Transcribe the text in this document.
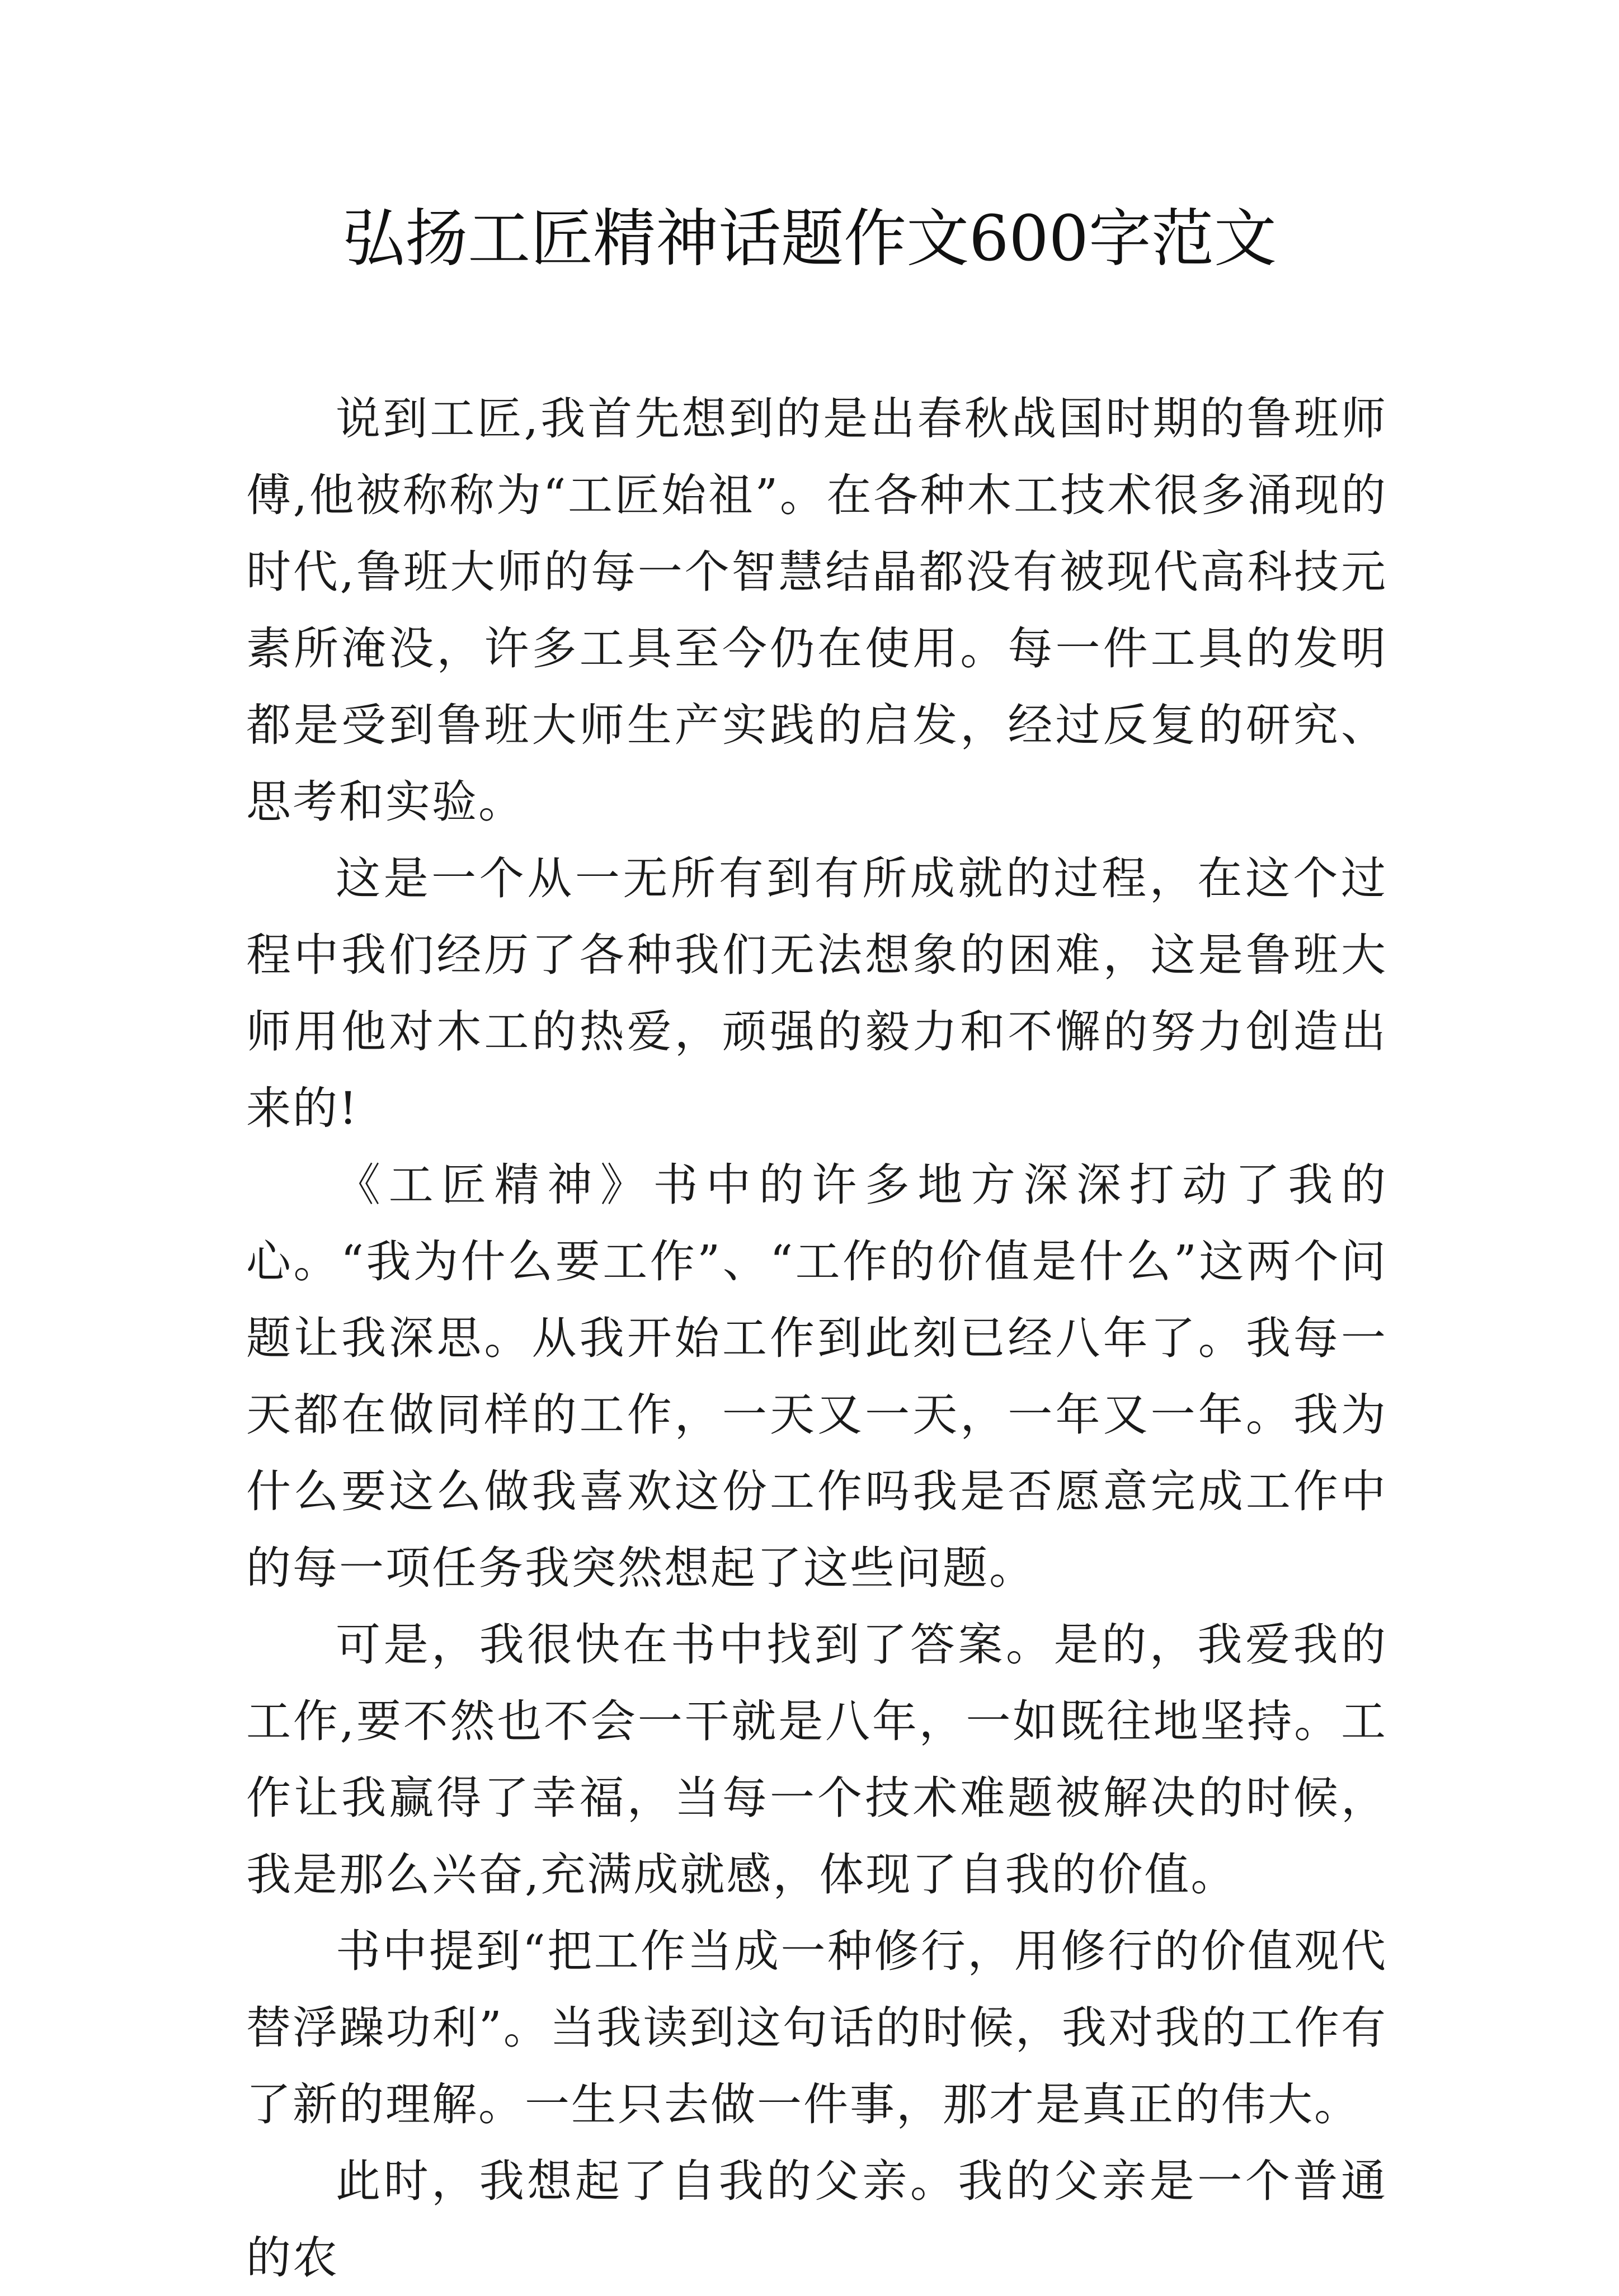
弘扬工匠精神话题作文600字范文

说到工匠,我首先想到的是出春秋战国时期的鲁班师傅,他被称称为“工匠始祖”。在各种木工技术很多涌现的时代,鲁班大师的每一个智慧结晶都没有被现代高科技元素所淹没，许多工具至今仍在使用。每一件工具的发明都是受到鲁班大师生产实践的启发，经过反复的研究、思考和实验。

这是一个从一无所有到有所成就的过程，在这个过程中我们经历了各种我们无法想象的困难，这是鲁班大师用他对木工的热爱，顽强的毅力和不懈的努力创造出来的!

《工匠精神》书中的许多地方深深打动了我的心。“我为什么要工作”、“工作的价值是什么”这两个问题让我深思。从我开始工作到此刻已经八年了。我每一天都在做同样的工作，一天又一天，一年又一年。我为什么要这么做我喜欢这份工作吗我是否愿意完成工作中的每一项任务我突然想起了这些问题。

可是，我很快在书中找到了答案。是的，我爱我的工作,要不然也不会一干就是八年，一如既往地坚持。工作让我赢得了幸福，当每一个技术难题被解决的时候，我是那么兴奋,充满成就感，体现了自我的价值。

书中提到“把工作当成一种修行，用修行的价值观代替浮躁功利”。当我读到这句话的时候，我对我的工作有了新的理解。一生只去做一件事，那才是真正的伟大。

此时，我想起了自我的父亲。我的父亲是一个普通的农
